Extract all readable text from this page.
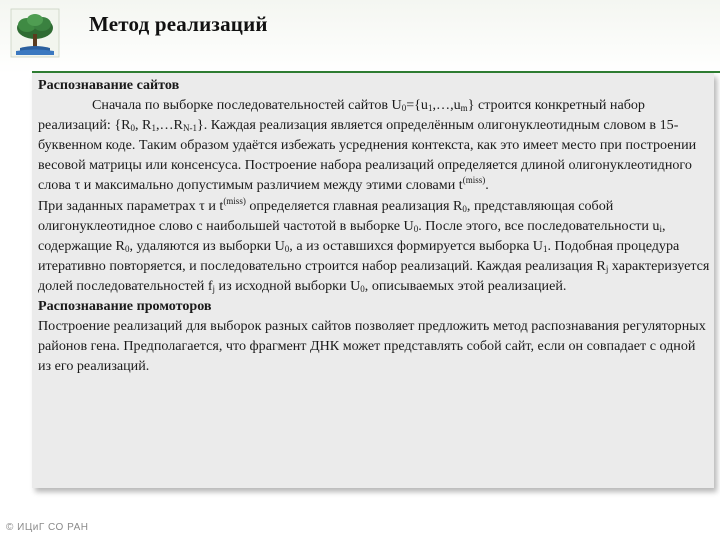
Метод реализаций

Распознавание сайтов

Сначала по выборке последовательностей сайтов $U_0=\{u_1,\dots,u_m\}$ строится конкретный набор реализаций: {$R_0$, $R_1,\dots R_{N-1}$}. Каждая реализация является определённым олигонуклеотидным словом в 15-буквенном коде. Таким образом удаётся избежать усреднения контекста, как это имеет место при построении весовой матрицы или консенсуса. Построение набора реализаций определяется длиной олигонуклеотидного слова τ и максимально допустимым различием между этими словами $t^{(miss)}$.

При заданных параметрах τ и $t^{(miss)}$ определяется главная реализация $R_0$, представляющая собой олигонуклеотидное слово с наибольшей частотой в выборке $U_0$. После этого, все последовательности $u_i$, содержащие $R_0$, удаляются из выборки $U_0$, а из оставшихся формируется выборка $U_1$. Подобная процедура итеративно повторяется, и последовательно строится набор реализаций. Каждая реализация $R_j$ характеризуется долей последовательностей $f_j$ из исходной выборки $U_0$, описываемых этой реализацией.

Распознавание промоторов

Построение реализаций для выборок разных сайтов позволяет предложить метод распознавания регуляторных районов гена. Предполагается, что фрагмент ДНК может представлять собой сайт, если он совпадает с одной из его реализаций.

© ИЦиГ СО РАН
